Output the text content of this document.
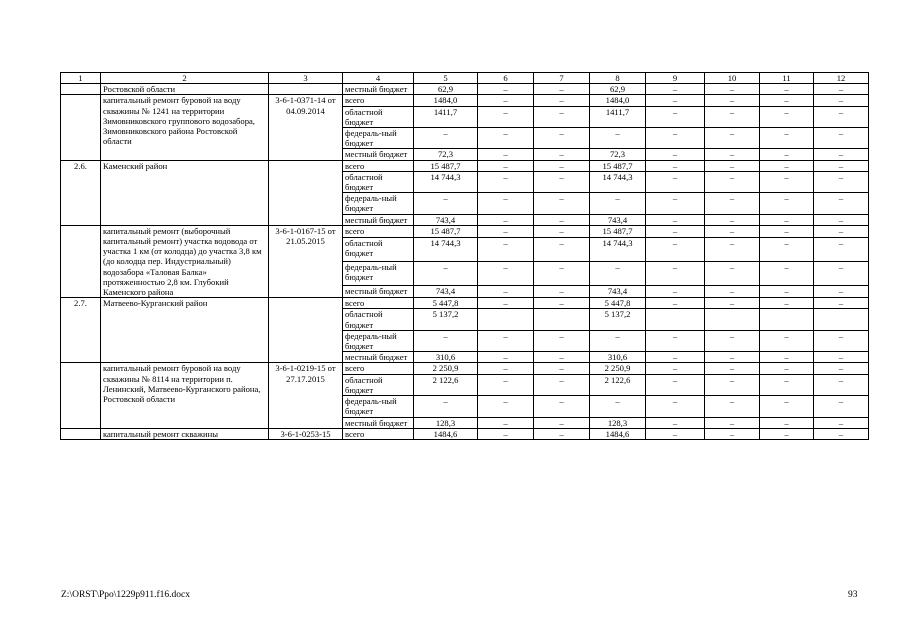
1	2	3	4	5	6	7	8	9	10	11	12
	Ростовской области		местный бюджет	62,9	–	–	62,9	–	–	–	–
	капитальный ремонт буровой на воду скважины № 1241 на территории Зимовниковского группового водозабора, Зимовниковского района Ростовской области	3-6-1-0371-14 от 04.09.2014	всего	1484,0	–	–	1484,0	–	–	–	–
			областной бюджет	1411,7	–	–	1411,7	–	–	–	–
			федераль-ный бюджет	–	–	–	–	–	–	–	–
			местный бюджет	72,3	–	–	72,3	–	–	–	–
2.6.	Каменский район		всего	15 487,7	–	–	15 487,7	–	–	–	–
			областной бюджет	14 744,3	–	–	14 744,3	–	–	–	–
			федераль-ный бюджет	–	–	–	–	–	–	–	–
			местный бюджет	743,4	–	–	743,4	–	–	–	–
	капитальный ремонт (выборочный капитальный ремонт) участка водовода от участка 1 км (от колодца) до участка 3,8 км (до колодца пер. Индустриальный) водозабора «Таловая Балка» протяженностью 2,8 км. Глубокий Каменского района	3-6-1-0167-15 от 21.05.2015	всего	15 487,7	–	–	15 487,7	–	–	–	–
			областной бюджет	14 744,3	–	–	14 744,3	–	–	–	–
			федераль-ный бюджет	–	–	–	–	–	–	–	–
			местный бюджет	743,4	–	–	743,4	–	–	–	–
2.7.	Матвеево-Курганский район		всего	5 447,8	–	–	5 447,8	–	–	–	–
			областной бюджет	5 137,2			5 137,2				
			федераль-ный бюджет	–	–	–	–	–	–	–	–
			местный бюджет	310,6	–	–	310,6	–	–	–	–
	капитальный ремонт буровой на воду скважины № 8114 на территории п. Ленинский, Матвеево-Курганского района, Ростовской области	3-6-1-0219-15 от 27.17.2015	всего	2 250,9	–	–	2 250,9	–	–	–	–
			областной бюджет	2 122,6	–	–	2 122,6	–	–	–	–
			федераль-ный бюджет	–	–	–	–	–	–	–	–
			местный бюджет	128,3	–	–	128,3	–	–	–	–
	капитальный ремонт скважины	3-6-1-0253-15	всего	1484,6	–	–	1484,6	–	–	–	–
Z:\ORST\Ppo\1229p911.f16.docx	93
